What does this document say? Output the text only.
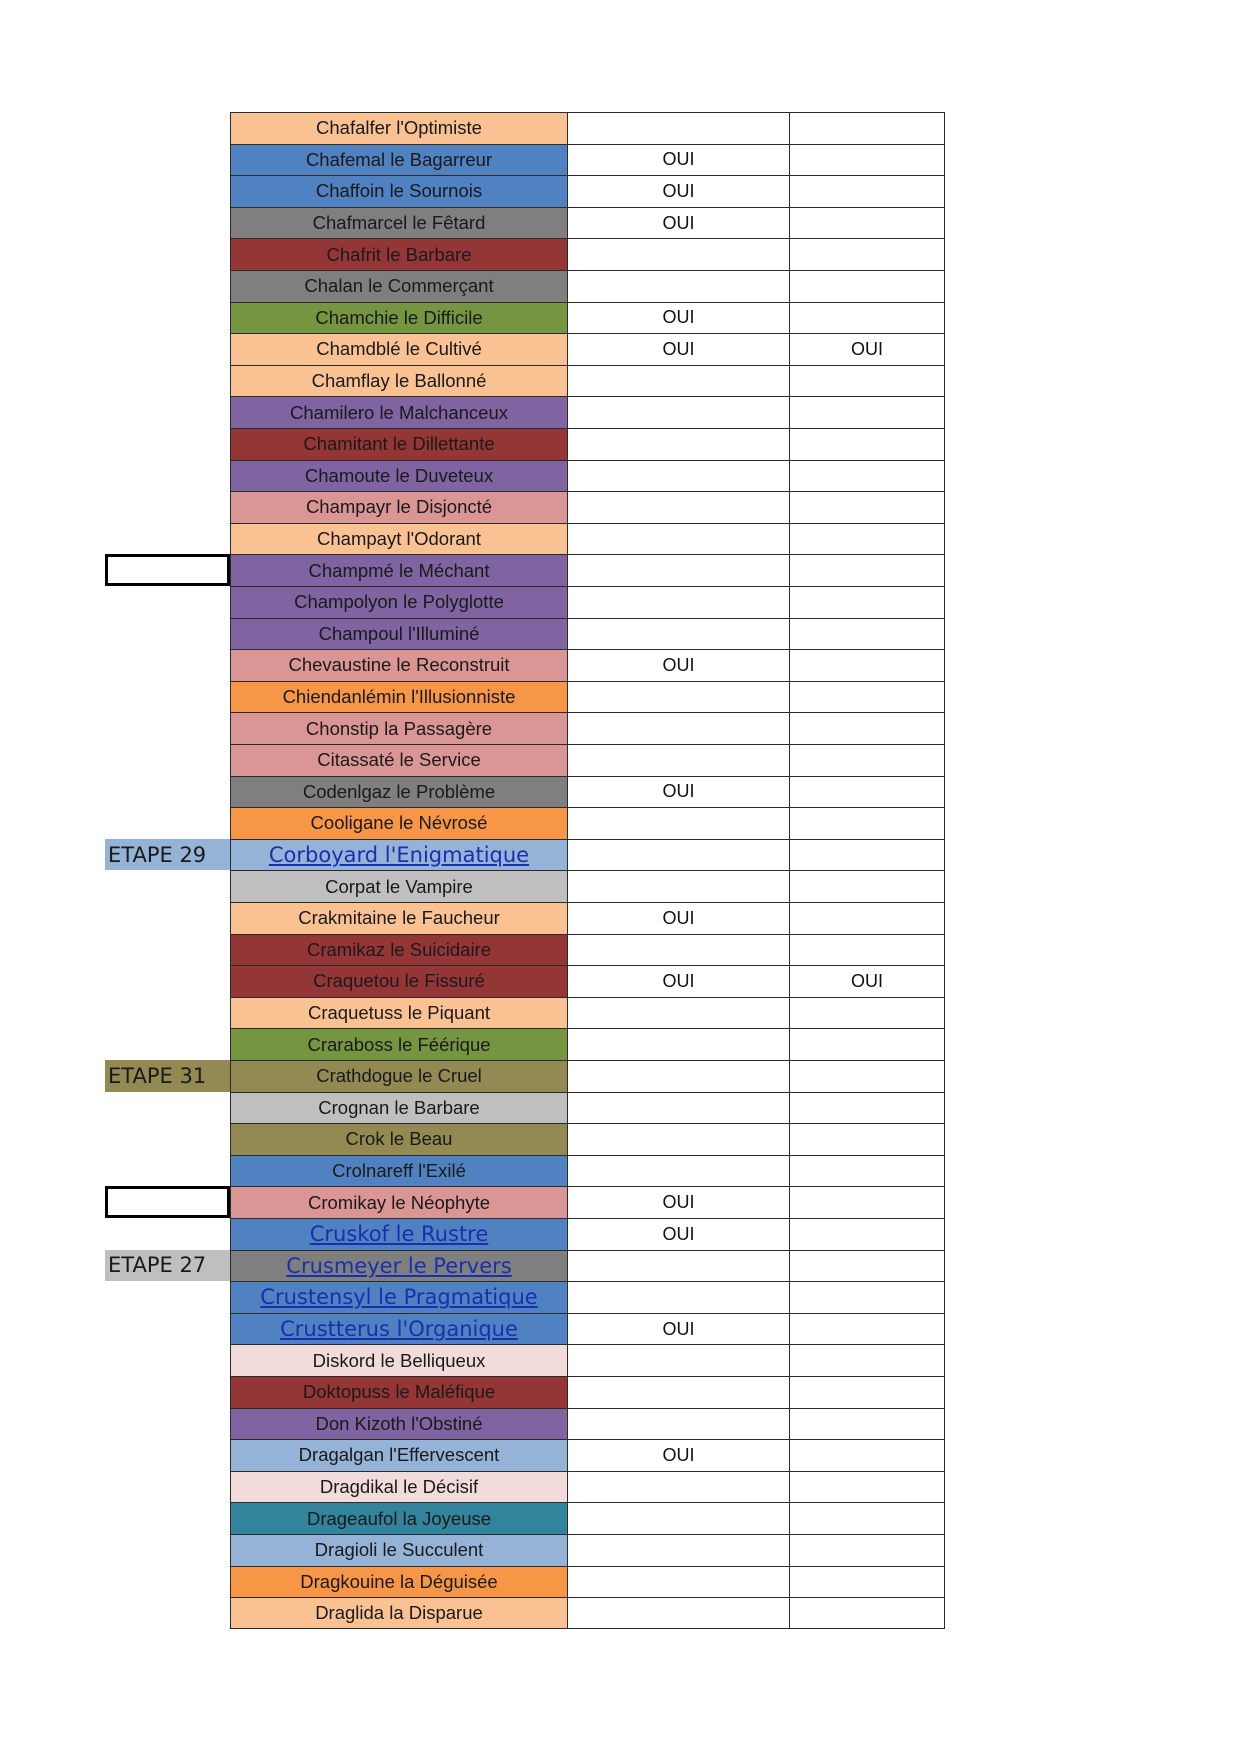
Chafalfer l'Optimiste
Chafemal le Bagarreur	OUI
Chaffoin le Sournois	OUI
Chafmarcel le Fêtard	OUI
Chafrit le Barbare
Chalan le Commerçant
Chamchie le Difficile	OUI
Chamdblé le Cultivé	OUI	OUI
Chamflay le Ballonné
Chamilero le Malchanceux
Chamitant le Dillettante
Chamoute le Duveteux
Champayr le Disjoncté
Champayt l'Odorant
Champmé le Méchant
Champolyon le Polyglotte
Champoul l'Illuminé
Chevaustine le Reconstruit	OUI
Chiendanlémin l'Illusionniste
Chonstip la Passagère
Citassaté le Service
Codenlgaz le Problème	OUI
Cooligane le Névrosé
ETAPE 29	Corboyard l'Enigmatique
Corpat le Vampire
Crakmitaine le Faucheur	OUI
Cramikaz le Suicidaire
Craquetou le Fissuré	OUI	OUI
Craquetuss le Piquant
Craraboss le Féérique
ETAPE 31	Crathdogue le Cruel
Crognan le Barbare
Crok le Beau
Crolnareff l'Exilé
Cromikay le Néophyte	OUI
Cruskof le Rustre	OUI
ETAPE 27	Crusmeyer le Pervers
Crustensyl le Pragmatique
Crustterus l'Organique	OUI
Diskord le Belliqueux
Doktopuss le Maléfique
Don Kizoth l'Obstiné
Dragalgan l'Effervescent	OUI
Dragdikal le Décisif
Drageaufol la Joyeuse
Dragioli le Succulent
Dragkouine la Déguisée
Draglida la Disparue
